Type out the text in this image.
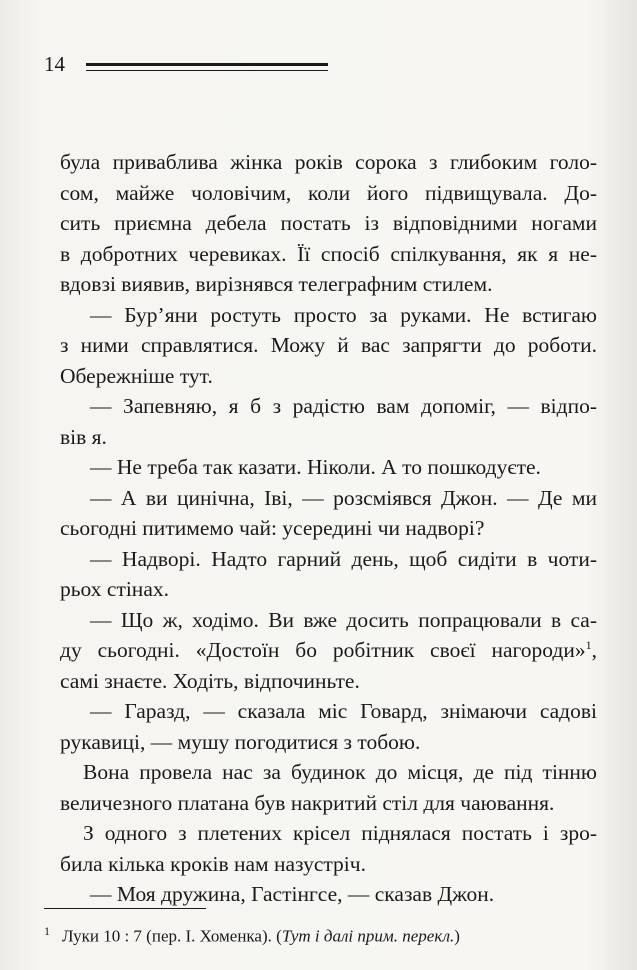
14
була приваблива жінка років сорока з глибоким голо-
сом, майже чоловічим, коли його підвищувала. До-
сить приємна дебела постать із відповідними ногами
в добротних черевиках. Її спосіб спілкування, як я не-
вдовзі виявив, вирізнявся телеграфним стилем.
— Бур’яни ростуть просто за руками. Не встигаю
з ними справлятися. Можу й вас запрягти до роботи.
Обережніше тут.
— Запевняю, я б з радістю вам допоміг, — відпо-
вів я.
— Не треба так казати. Ніколи. А то пошкодуєте.
— А ви цинічна, Іві, — розсміявся Джон. — Де ми
сьогодні питимемо чай: усередині чи надворі?
— Надворі. Надто гарний день, щоб сидіти в чоти-
рьох стінах.
— Що ж, ходімо. Ви вже досить попрацювали в са-
ду сьогодні. «Достоїн бо робітник своєї нагороди»$^1$,
самі знаєте. Ходіть, відпочиньте.
— Гаразд, — сказала міс Говард, знімаючи садові
рукавиці, — мушу погодитися з тобою.
Вона провела нас за будинок до місця, де під тінню
величезного платана був накритий стіл для чаювання.
З одного з плетених крісел піднялася постать і зро-
била кілька кроків нам назустріч.
— Моя дружина, Гастінгсе, — сказав Джон.
$^1$ Луки 10 : 7 (пер. І. Хоменка). (Тут і далі прим. перекл.)
